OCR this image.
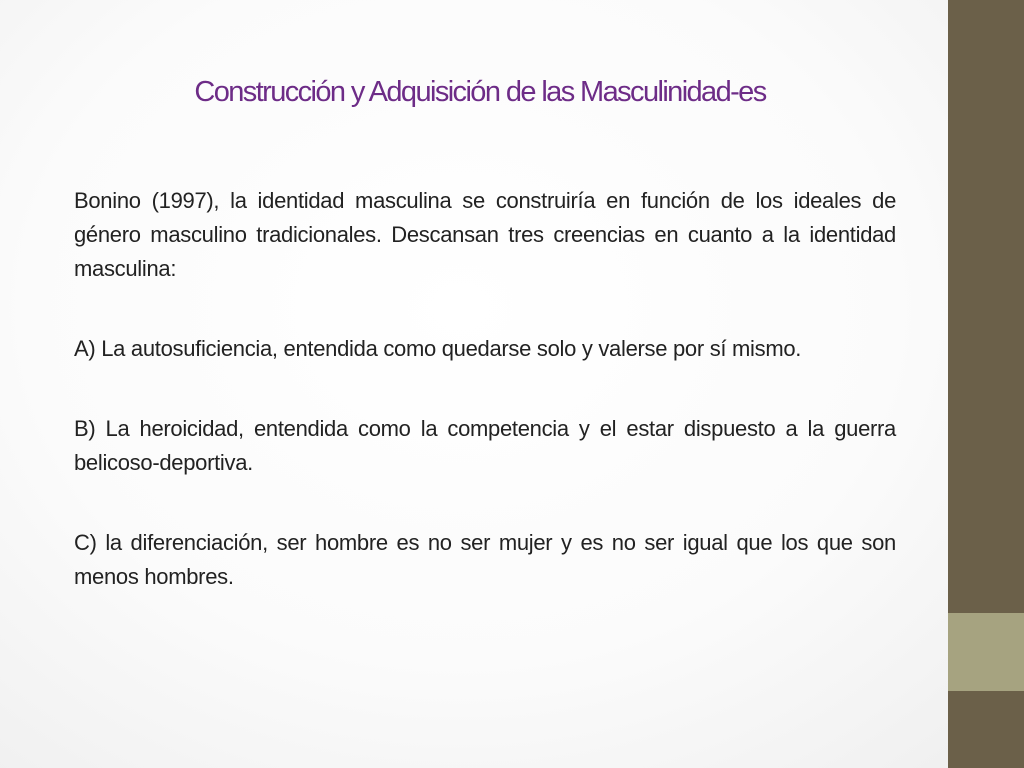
Construcción y Adquisición de las Masculinidad-es

Bonino (1997), la identidad masculina se construiría en función de los ideales de género masculino tradicionales. Descansan tres creencias en cuanto a la identidad masculina:

A) La autosuficiencia, entendida como quedarse solo y valerse por sí mismo.

B) La heroicidad, entendida como la competencia y el estar dispuesto a la guerra belicoso-deportiva.

C) la diferenciación, ser hombre es no ser mujer y es no ser igual que los que son menos hombres.
